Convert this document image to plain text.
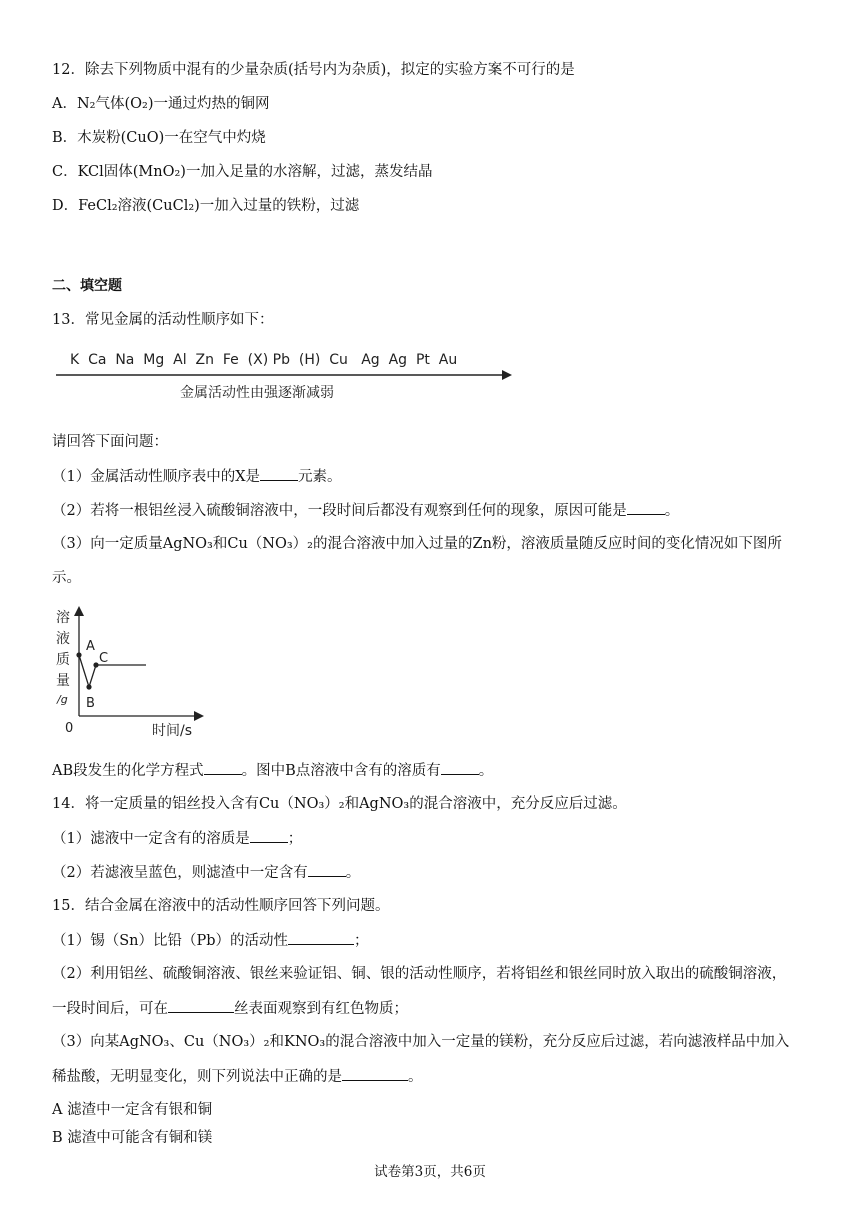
12．除去下列物质中混有的少量杂质(括号内为杂质)，拟定的实验方案不可行的是
A．N₂气体(O₂)一通过灼热的铜网
B．木炭粉(CuO)一在空气中灼烧
C．KCl固体(MnO₂)一加入足量的水溶解，过滤，蒸发结晶
D．FeCl₂溶液(CuCl₂)一加入过量的铁粉，过滤
二、填空题
13．常见金属的活动性顺序如下：
K  Ca  Na  Mg  Al  Zn  Fe  (X) Pb  (H)  Cu   Ag  Ag  Pt  Au
金属活动性由强逐渐减弱
请回答下面问题：
（1）金属活动性顺序表中的X是	元素。
（2）若将一根铝丝浸入硫酸铜溶液中，一段时间后都没有观察到任何的现象，原因可能是	。
（3）向一定质量AgNO₃和Cu（NO₃）₂的混合溶液中加入过量的Zn粉，溶液质量随反应时间的变化情况如下图所
示。
溶
液
质
量
/g
0	时间/s
A
B
C
AB段发生的化学方程式	。图中B点溶液中含有的溶质有	。
14．将一定质量的铝丝投入含有Cu（NO₃）₂和AgNO₃的混合溶液中，充分反应后过滤。
（1）滤液中一定含有的溶质是	；
（2）若滤液呈蓝色，则滤渣中一定含有	。
15．结合金属在溶液中的活动性顺序回答下列问题。
（1）锡（Sn）比铅（Pb）的活动性	；
（2）利用铝丝、硫酸铜溶液、银丝来验证铝、铜、银的活动性顺序，若将铝丝和银丝同时放入取出的硫酸铜溶液，
一段时间后，可在	丝表面观察到有红色物质；
（3）向某AgNO₃、Cu（NO₃）₂和KNO₃的混合溶液中加入一定量的镁粉，充分反应后过滤，若向滤液样品中加入
稀盐酸，无明显变化，则下列说法中正确的是	。
A 滤渣中一定含有银和铜
B 滤渣中可能含有铜和镁
试卷第3页，共6页
